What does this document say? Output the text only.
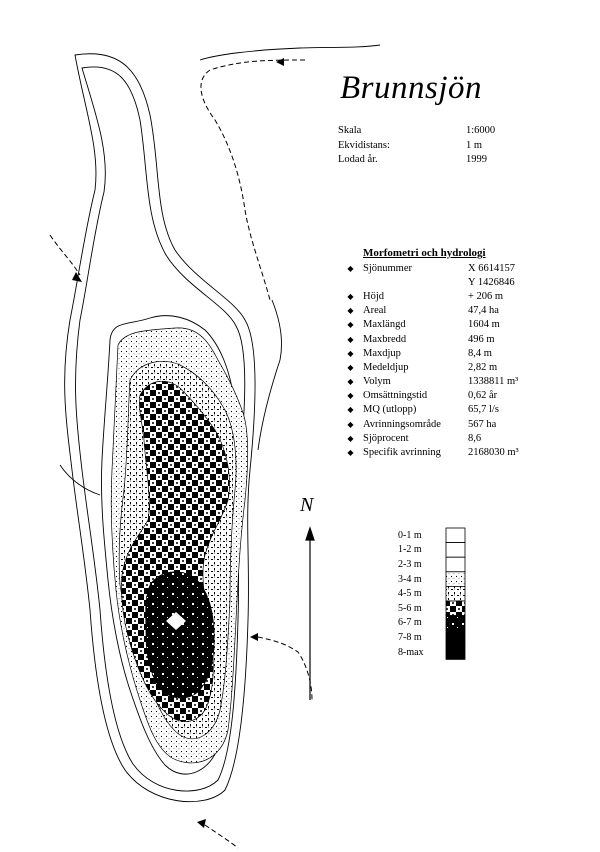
Brunnsjön
Skala	1:6000
Ekvidistans:	1 m
Lodad år.	1999
Morfometri och hydrologi
◆ Sjönummer	X 6614157
Y 1426846
◆ Höjd	+ 206 m
◆ Areal	47,4 ha
◆ Maxlängd	1604 m
◆ Maxbredd	496 m
◆ Maxdjup	8,4 m
◆ Medeldjup	2,82 m
◆ Volym	1338811 m³
◆ Omsättningstid	0,62 år
◆ MQ (utlopp)	65,7 l/s
◆ Avrinningsområde	567 ha
◆ Sjöprocent	8,6
◆ Specifik avrinning	2168030 m³
N
0-1 m
1-2 m
2-3 m
3-4 m
4-5 m
5-6 m
6-7 m
7-8 m
8-max
